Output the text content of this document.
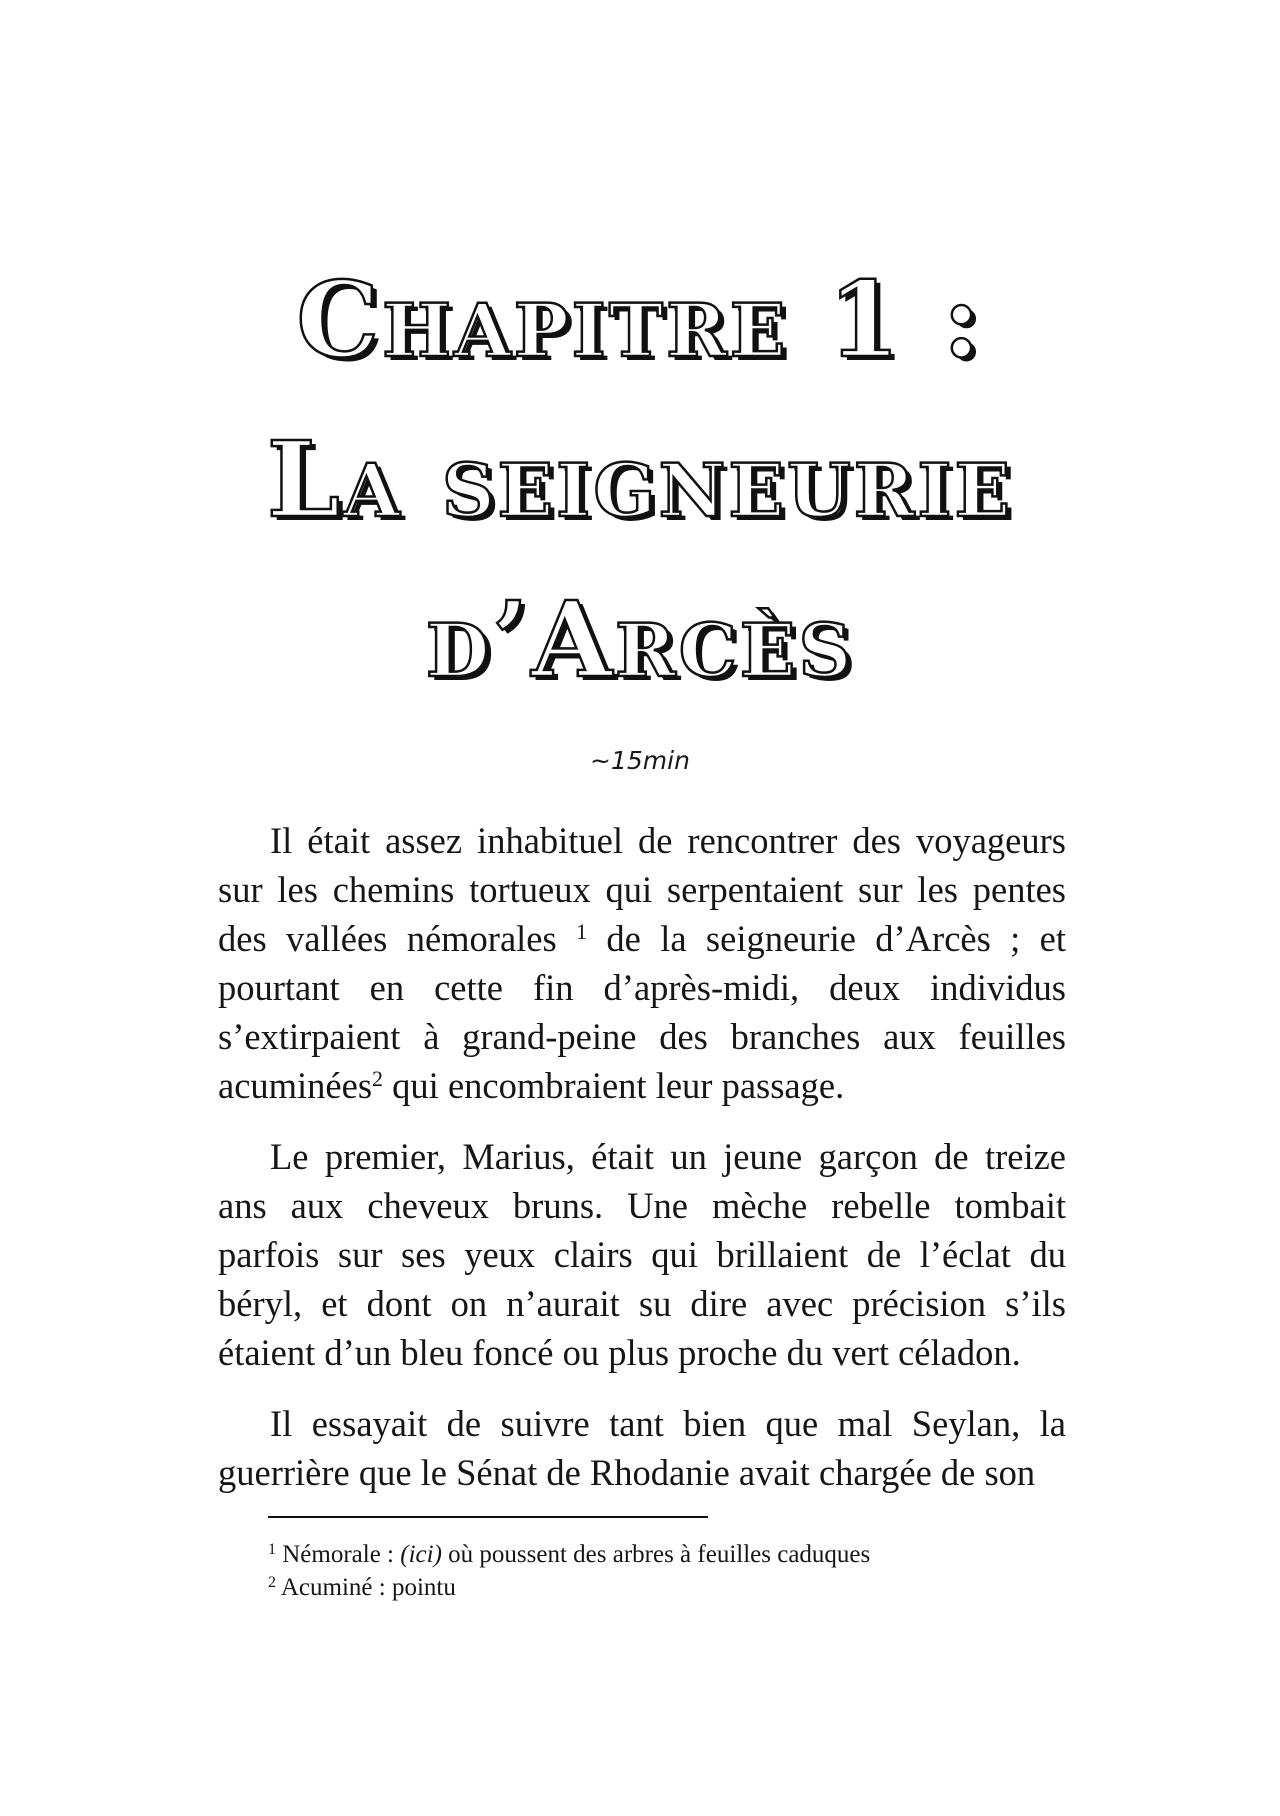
Chapitre 1 :
La seigneurie
d’Arcès
~15min

Il était assez inhabituel de rencontrer des voyageurs sur les chemins tortueux qui serpentaient sur les pentes des vallées némorales $^1$ de la seigneurie d’Arcès ; et pourtant en cette fin d’après-midi, deux individus s’extirpaient à grand-peine des branches aux feuilles acuminées$^2$ qui encombraient leur passage.

Le premier, Marius, était un jeune garçon de treize ans aux cheveux bruns. Une mèche rebelle tombait parfois sur ses yeux clairs qui brillaient de l’éclat du béryl, et dont on n’aurait su dire avec précision s’ils étaient d’un bleu foncé ou plus proche du vert céladon.

Il essayait de suivre tant bien que mal Seylan, la guerrière que le Sénat de Rhodanie avait chargée de son

$^1$ Némorale : (ici) où poussent des arbres à feuilles caduques

$^2$ Acuminé : pointu
